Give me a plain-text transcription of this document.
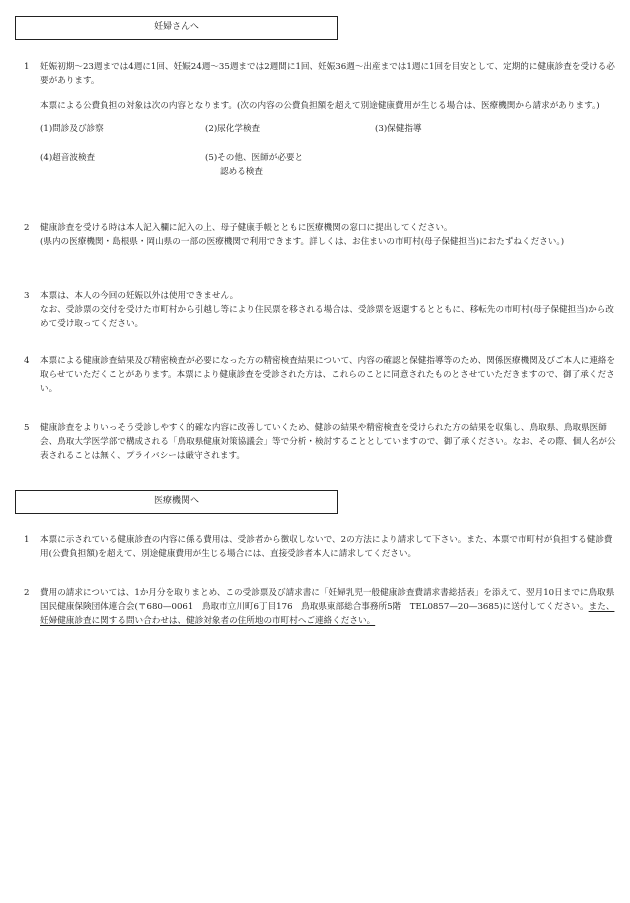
妊婦さんへ
1	妊娠初期〜23週までは4週に1回、妊娠24週〜35週までは2週間に1回、妊娠36週〜出産までは1週に1回を目安として、定期的に健康診査を受ける必要があります。

本票による公費負担の対象は次の内容となります。(次の内容の公費負担額を超えて別途健康費用が生じる場合は、医療機関から請求があります。)

(1)問診及び診察	(2)尿化学検査	(3)保健指導
(4)超音波検査	(5)その他、医師が必要と
認める検査
2	健康診査を受ける時は本人記入欄に記入の上、母子健康手帳とともに医療機関の窓口に提出してください。

(県内の医療機関・島根県・岡山県の一部の医療機関で利用できます。詳しくは、お住まいの市町村(母子保健担当)におたずねください。)

3	本票は、本人の今回の妊娠以外は使用できません。

なお、受診票の交付を受けた市町村から引越し等により住民票を移される場合は、受診票を返還するとともに、移転先の市町村(母子保健担当)から改めて受け取ってください。

4	本票による健康診査結果及び精密検査が必要になった方の精密検査結果について、内容の確認と保健指導等のため、関係医療機関及びご本人に連絡を取らせていただくことがあります。本票により健康診査を受診された方は、これらのことに同意されたものとさせていただきますので、御了承ください。

5	健康診査をよりいっそう受診しやすく的確な内容に改善していくため、健診の結果や精密検査を受けられた方の結果を収集し、鳥取県、鳥取県医師会、鳥取大学医学部で構成される「鳥取県健康対策協議会」等で分析・検討することとしていますので、御了承ください。なお、その際、個人名が公表されることは無く、プライバシーは厳守されます。

医療機関へ
1	本票に示されている健康診査の内容に係る費用は、受診者から徴収しないで、2の方法により請求して下さい。また、本票で市町村が負担する健診費用(公費負担額)を超えて、別途健康費用が生じる場合には、直接受診者本人に請求してください。

2	費用の請求については、1か月分を取りまとめ、この受診票及び請求書に「妊婦乳児一般健康診査費請求書総括表」を添えて、翌月10日までに鳥取県国民健康保険団体連合会(〒680—0061　鳥取市立川町6丁目176　鳥取県東部総合事務所5階　TEL0857—20—3685)に送付してください。また、妊婦健康診査に関する問い合わせは、健診対象者の住所地の市町村へご連絡ください。
